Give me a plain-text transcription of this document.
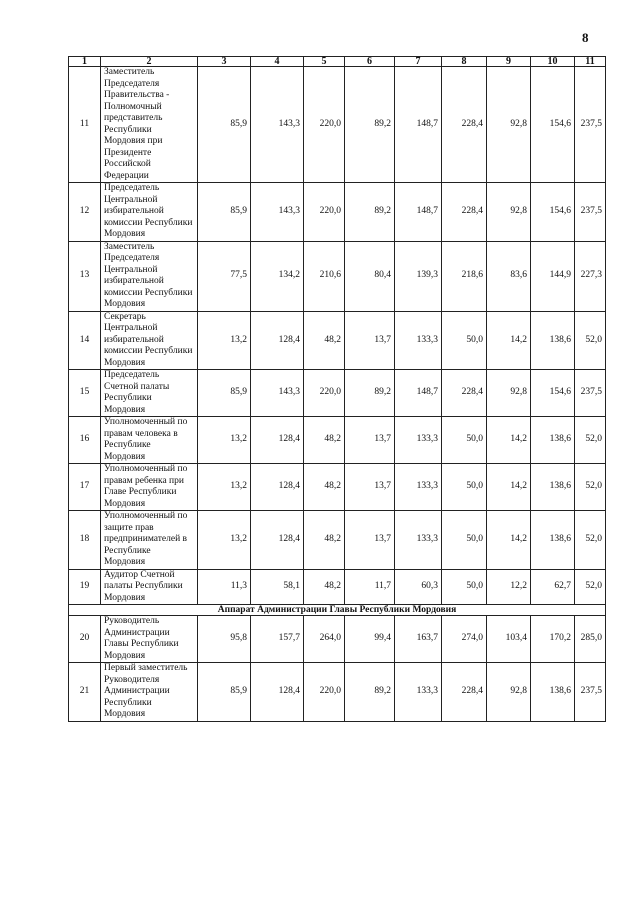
8
1	2	3	4	5	6	7	8	9	10	11
11	Заместитель Председателя Правительства - Полномочный представитель Республики Мордовия при Президенте Российской Федерации	85,9	143,3	220,0	89,2	148,7	228,4	92,8	154,6	237,5
12	Председатель Центральной избирательной комиссии Республики Мордовия	85,9	143,3	220,0	89,2	148,7	228,4	92,8	154,6	237,5
13	Заместитель Председателя Центральной избирательной комиссии Республики Мордовия	77,5	134,2	210,6	80,4	139,3	218,6	83,6	144,9	227,3
14	Секретарь Центральной избирательной комиссии Республики Мордовия	13,2	128,4	48,2	13,7	133,3	50,0	14,2	138,6	52,0
15	Председатель Счетной палаты Республики Мордовия	85,9	143,3	220,0	89,2	148,7	228,4	92,8	154,6	237,5
16	Уполномоченный по правам человека в Республике Мордовия	13,2	128,4	48,2	13,7	133,3	50,0	14,2	138,6	52,0
17	Уполномоченный по правам ребенка при Главе Республики Мордовия	13,2	128,4	48,2	13,7	133,3	50,0	14,2	138,6	52,0
18	Уполномоченный по защите прав предпринимателей в Республике Мордовия	13,2	128,4	48,2	13,7	133,3	50,0	14,2	138,6	52,0
19	Аудитор Счетной палаты Республики Мордовия	11,3	58,1	48,2	11,7	60,3	50,0	12,2	62,7	52,0
Аппарат Администрации Главы Республики Мордовия										
20	Руководитель Администрации Главы Республики Мордовия	95,8	157,7	264,0	99,4	163,7	274,0	103,4	170,2	285,0
21	Первый заместитель Руководителя Администрации Республики Мордовия	85,9	128,4	220,0	89,2	133,3	228,4	92,8	138,6	237,5
